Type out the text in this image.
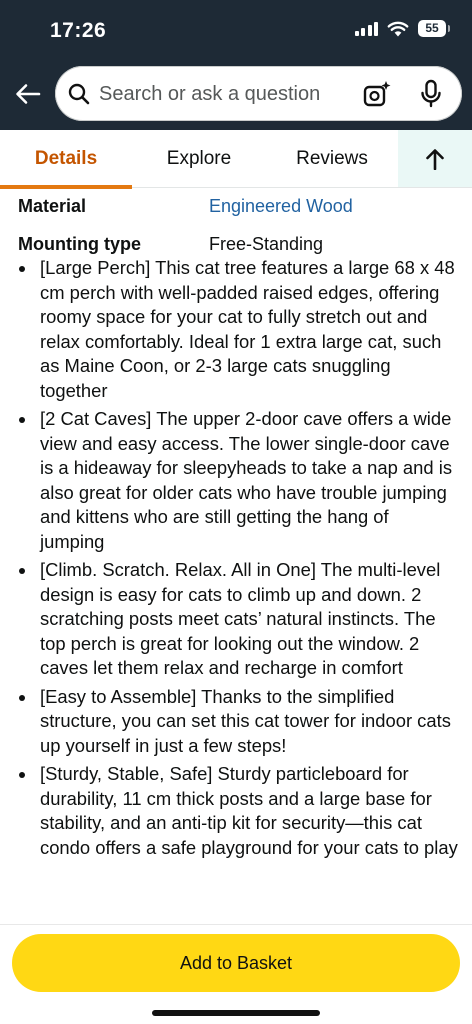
17:26	55
Search or ask a question
Details	Explore	Reviews
Material	Engineered Wood
Mounting type	Free-Standing
[Large Perch] This cat tree features a large 68 x 48 cm perch with well-padded raised edges, offering roomy space for your cat to fully stretch out and relax comfortably. Ideal for 1 extra large cat, such as Maine Coon, or 2-3 large cats snuggling together
[2 Cat Caves] The upper 2-door cave offers a wide view and easy access. The lower single-door cave is a hideaway for sleepyheads to take a nap and is also great for older cats who have trouble jumping and kittens who are still getting the hang of jumping
[Climb. Scratch. Relax. All in One] The multi-level design is easy for cats to climb up and down. 2 scratching posts meet cats’ natural instincts. The top perch is great for looking out the window. 2 caves let them relax and recharge in comfort
[Easy to Assemble] Thanks to the simplified structure, you can set this cat tower for indoor cats up yourself in just a few steps!
[Sturdy, Stable, Safe] Sturdy particleboard for durability, 11 cm thick posts and a large base for stability, and an anti-tip kit for security—this cat condo offers a safe playground for your cats to play
Add to Basket
